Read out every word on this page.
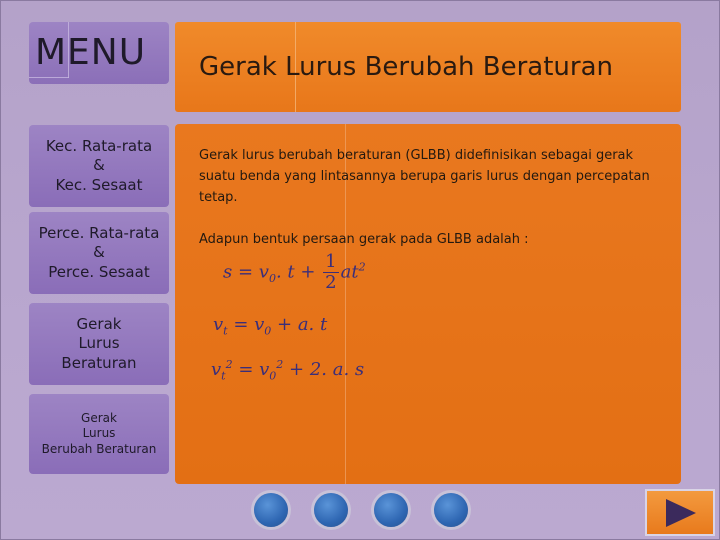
MENU
Kec. Rata-rata
&
Kec. Sesaat
Perce. Rata-rata
&
Perce. Sesaat
Gerak
Lurus
Beraturan
Gerak
Lurus
Berubah Beraturan
Gerak Lurus Berubah Beraturan
Gerak lurus berubah beraturan (GLBB) didefinisikan sebagai gerak suatu benda yang lintasannya berupa garis lurus dengan percepatan tetap.
Adapun bentuk persaan gerak pada GLBB adalah :
$s = v_0$. $t + \frac{1}{2} at^2$
$v_t = v_0 + a$. t
$v_t^2 = v_0^2 + 2$. a. s
